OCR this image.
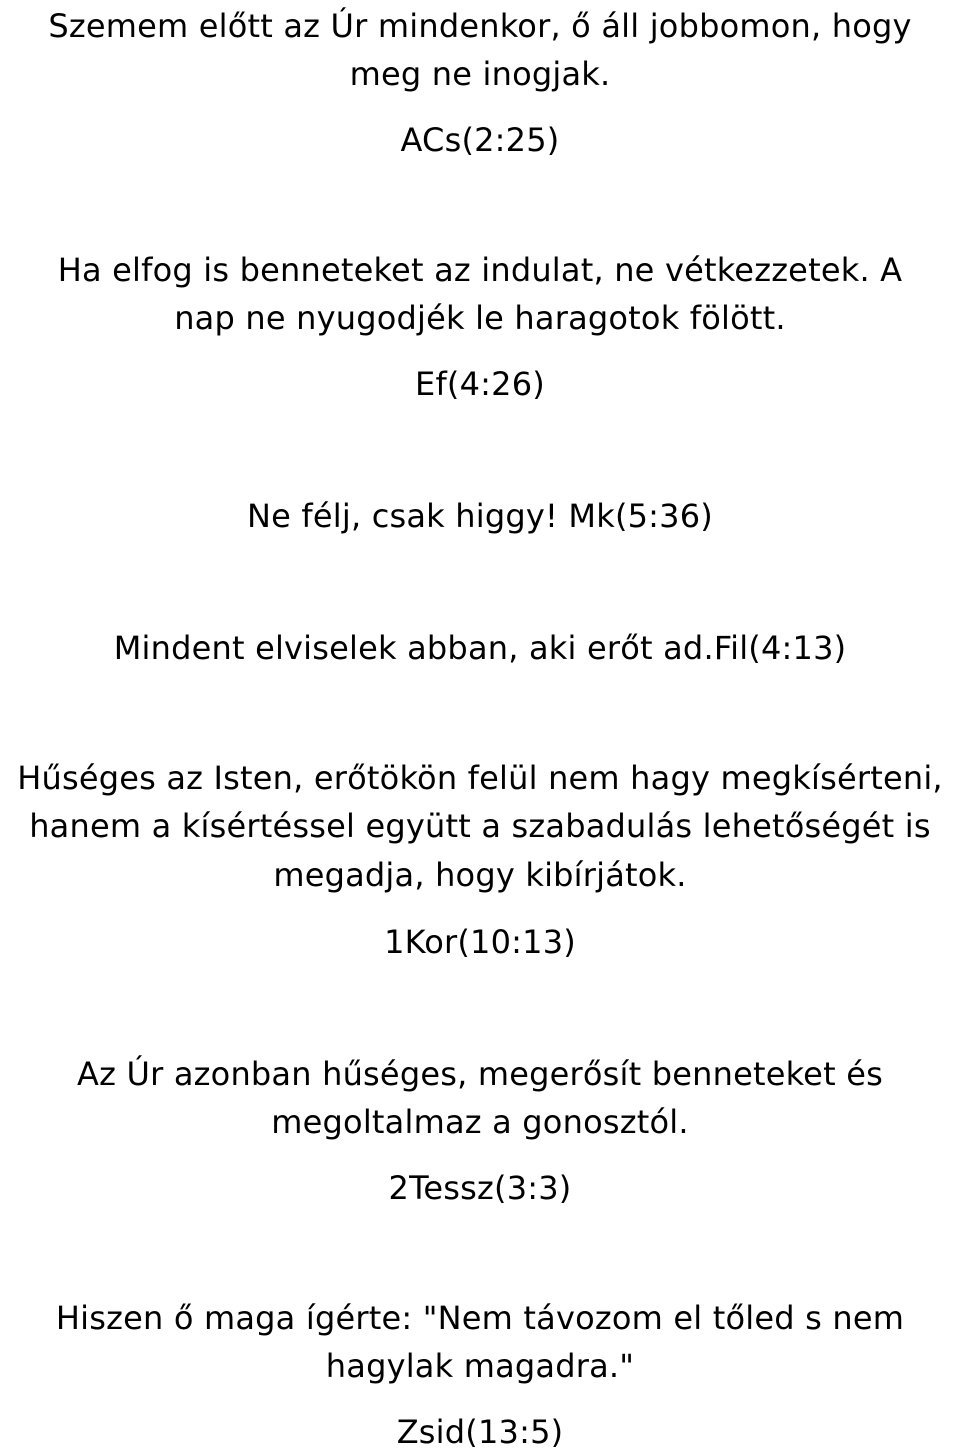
Szemem előtt az Úr mindenkor, ő áll jobbomon, hogy
meg ne inogjak.
ACs(2:25)
Ha elfog is benneteket az indulat, ne vétkezzetek. A
nap ne nyugodjék le haragotok fölött.
Ef(4:26)
Ne félj, csak higgy! Mk(5:36)
Mindent elviselek abban, aki erőt ad.Fil(4:13)
Hűséges az Isten, erőtökön felül nem hagy megkísérteni,
hanem a kísértéssel együtt a szabadulás lehetőségét is
megadja, hogy kibírjátok.
1Kor(10:13)
Az Úr azonban hűséges, megerősít benneteket és
megoltalmaz a gonosztól.
2Tessz(3:3)
Hiszen ő maga ígérte: "Nem távozom el tőled s nem
hagylak magadra."
Zsid(13:5)
